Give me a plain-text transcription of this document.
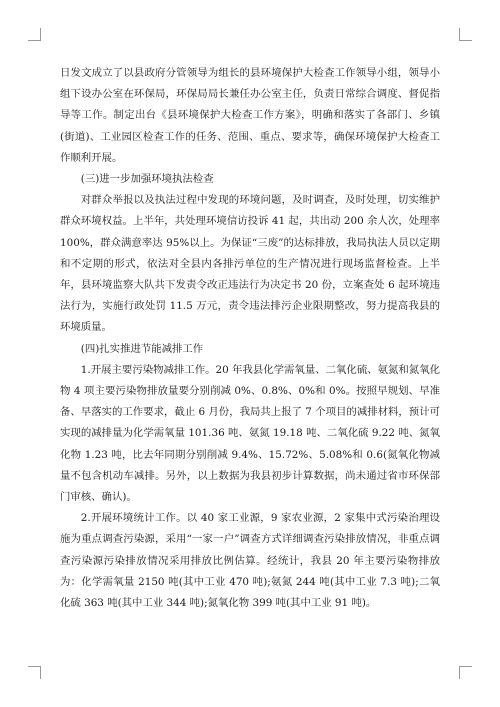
日发文成立了以县政府分管领导为组长的县环境保护大检查工作领导小组，领导小组下设办公室在环保局，环保局局长兼任办公室主任，负责日常综合调度、督促指导等工作。制定出台《县环境保护大检查工作方案》，明确和落实了各部门、乡镇(街道)、工业园区检查工作的任务、范围、重点、要求等，确保环境保护大检查工作顺利开展。

(三)进一步加强环境执法检查

对群众举报以及执法过程中发现的环境问题，及时调查，及时处理，切实维护群众环境权益。上半年，共处理环境信访投诉 41 起，共出动 200 余人次，处理率 100%，群众满意率达 95%以上。为保证“三废”的达标排放，我局执法人员以定期和不定期的形式，依法对全县内各排污单位的生产情况进行现场监督检查。上半年，县环境监察大队共下发责令改正违法行为决定书 20 份，立案查处 6 起环境违法行为，实施行政处罚 11.5 万元，责令违法排污企业限期整改，努力提高我县的环境质量。

(四)扎实推进节能减排工作

1.开展主要污染物减排工作。20 年我县化学需氧量、二氧化硫、氨氮和氮氧化物 4 项主要污染物排放量要分别削减 0%、0.8%、0%和 0%。按照早规划、早准备、早落实的工作要求，截止 6 月份，我局共上报了 7 个项目的减排材料，预计可实现的减排量为化学需氧量 101.36 吨、氨氮 19.18 吨、二氧化硫 9.22 吨、氮氧化物 1.23 吨，比去年同期分别削减 9.4%、15.72%、5.08%和 0.6(氮氧化物减量不包含机动车减排。另外，以上数据为我县初步计算数据，尚未通过省市环保部门审核、确认)。

2.开展环境统计工作。以 40 家工业源，9 家农业源，2 家集中式污染治理设施为重点调查污染源，采用“一家一户”调查方式详细调查污染排放情况，非重点调查污染源污染排放情况采用排放比例估算。经统计，我县 20 年主要污染物排放为：化学需氧量 2150 吨(其中工业 470 吨);氨氮 244 吨(其中工业 7.3 吨);二氧化硫 363 吨(其中工业 344 吨);氮氧化物 399 吨(其中工业 91 吨)。
